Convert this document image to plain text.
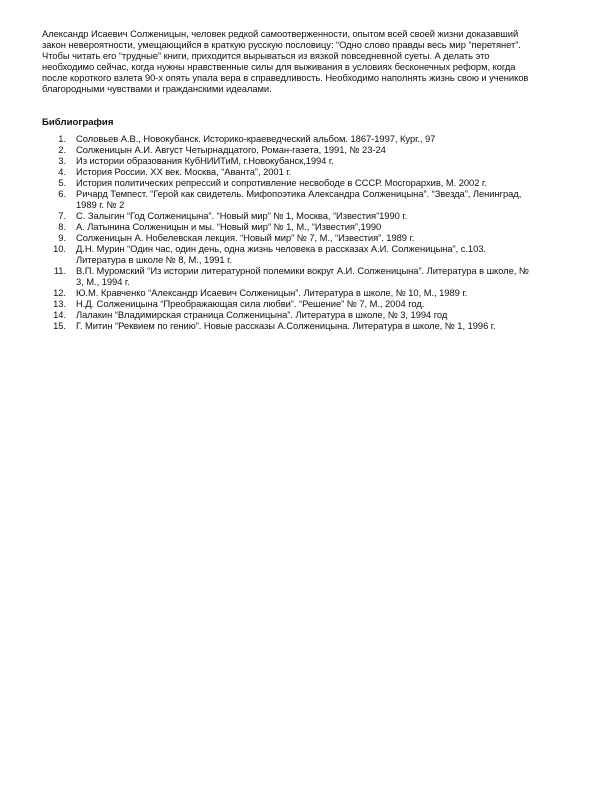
Александр Исаевич Солженицын, человек редкой самоотверженности, опытом всей своей жизни доказавший
закон невероятности, умещающийся в краткую русскую пословицу: “Одно слово правды весь мир “перетянет”.
Чтобы читать его “трудные” книги, приходится вырываться из вязкой повседневной суеты. А делать это
необходимо сейчас, когда нужны нравственные силы для выживания в условиях бесконечных реформ, когда
после короткого взлета 90-х опять упала вера в справедливость. Необходимо наполнять жизнь свою и учеников
благородными чувствами и гражданскими идеалами.
Библиография
1. Соловьев А.В., Новокубанск. Историко-краеведческий альбом. 1867-1997, Кург., 97
2. Солженицын А.И. Август Четырнадцатого, Роман-газета, 1991, № 23-24
3. Из истории образования КубНИИТиМ, г.Новокубанск,1994 г.
4. История России. XX век. Москва, “Аванта”, 2001 г.
5. История политических репрессий и сопротивление несвободе в СССР. Мосгорархив, М. 2002 г.
6. Ричард Темпест. “Герой как свидетель. Мифопоэтика Александра Солженицына”. “Звезда”, Ленинград,
1989 г. № 2
7. С. Залыгин “Год Солженицына”. “Новый мир” № 1, Москва, “Известия”1990 г.
8. А. Латынина Солженицын и мы. “Новый мир” № 1, М., “Известия”,1990
9. Солженицын А. Нобелевская лекция. “Новый мир” № 7, М., “Известия”. 1989 г.
10. Д.Н. Мурин “Один час, один день, одна жизнь человека в рассказах А.И. Солженицына”, с.103.
Литература в школе № 8, М., 1991 г.
11. В.П. Муромский “Из истории литературной полемики вокруг А.И. Солженицына”. Литература в школе, №
3, М., 1994 г.
12. Ю.М. Кравченко “Александр Исаевич Солженицын”. Литература в школе, № 10, М., 1989 г.
13. Н.Д. Солженицына “Преображающая сила любви”. “Решение” № 7, М., 2004 год.
14. Лалакин “Владимирская страница Солженицына”. Литература в школе, № 3, 1994 год
15. Г. Митин “Реквием по гению”. Новые рассказы А.Солженицына. Литература в школе, № 1, 1996 г.
